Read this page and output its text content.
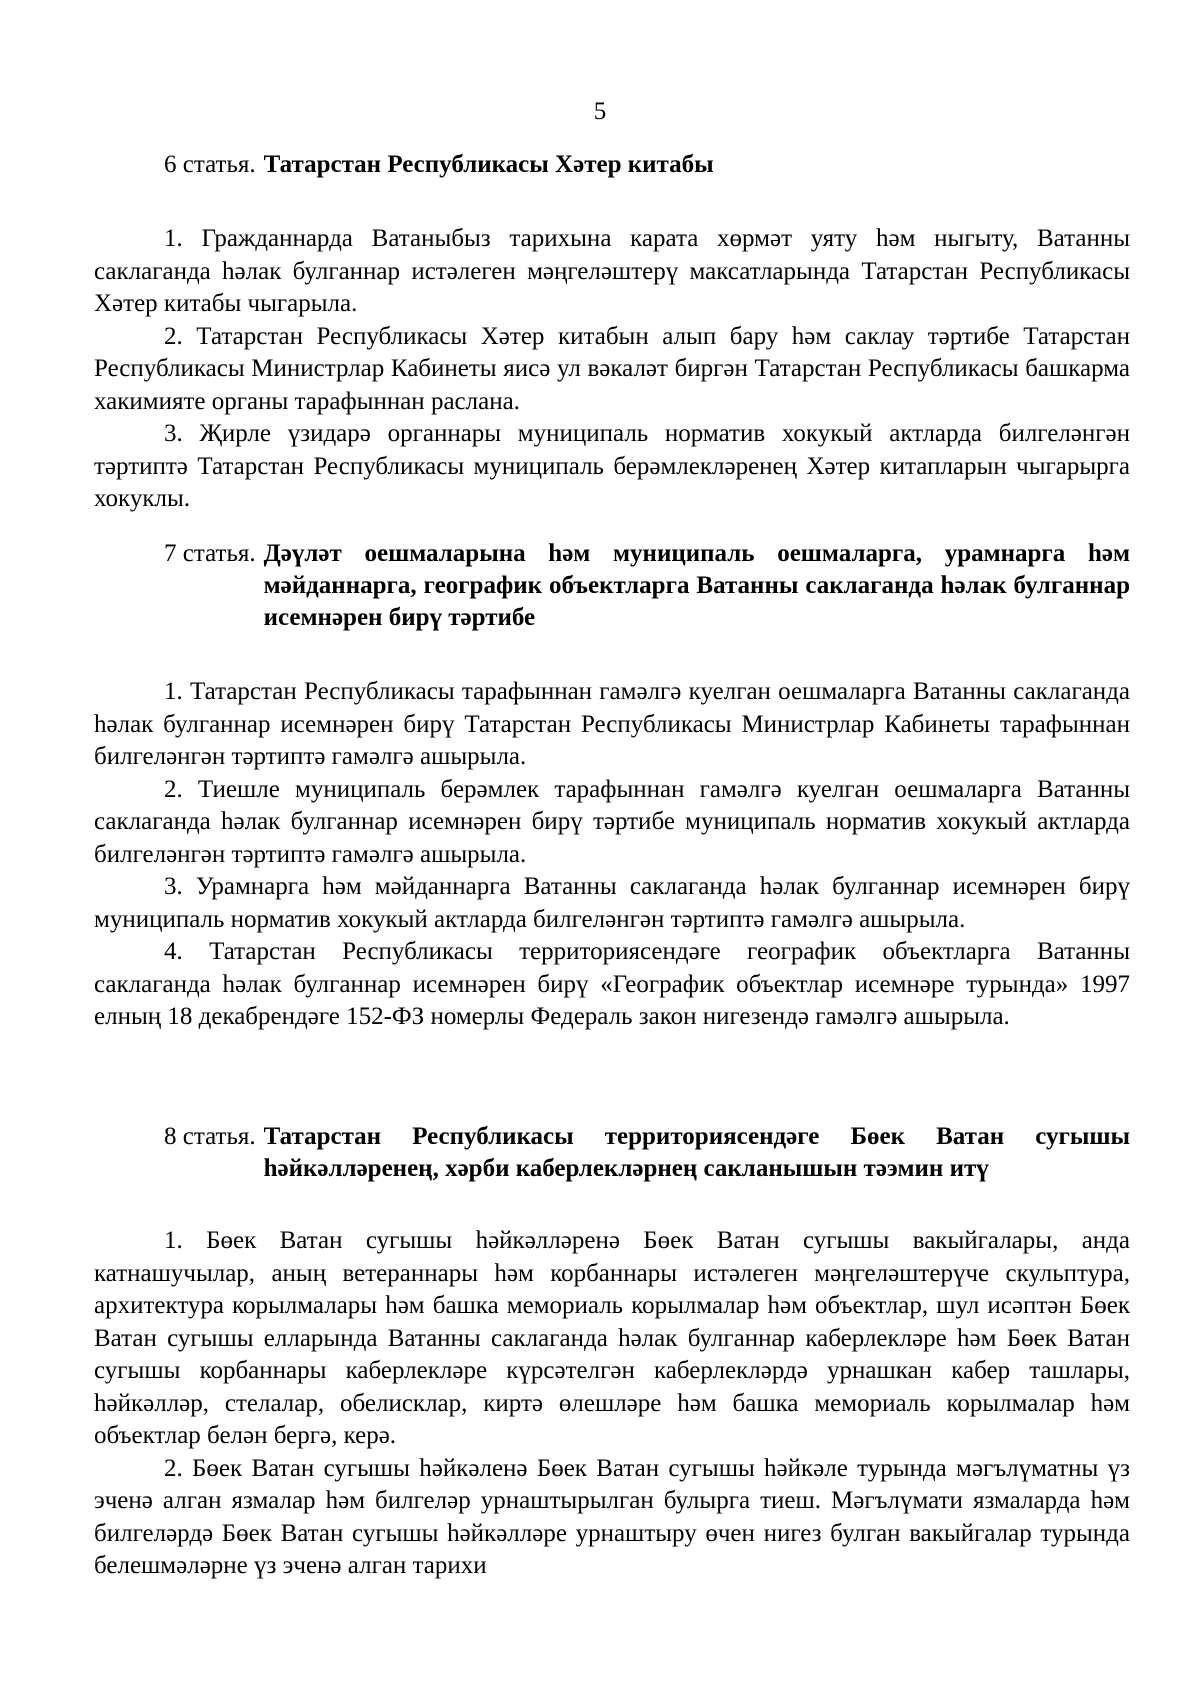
5
6 статья. Татарстан Республикасы Хәтер китабы

1. Гражданнарда Ватаныбыз тарихына карата хөрмәт уяту һәм ныгыту, Ватанны саклаганда һәлак булганнар истәлеген мәңгеләштерү максатларында Татарстан Республикасы Хәтер китабы чыгарыла.

2. Татарстан Республикасы Хәтер китабын алып бару һәм саклау тәртибе Татарстан Республикасы Министрлар Кабинеты яисә ул вәкаләт биргән Татарстан Республикасы башкарма хакимияте органы тарафыннан раслана.

3. Җирле үзидарә органнары муниципаль норматив хокукый актларда билгеләнгән тәртиптә Татарстан Республикасы муниципаль берәмлекләренең Хәтер китапларын чыгарырга хокуклы.

7 статья. Дәүләт оешмаларына һәм муниципаль оешмаларга, урамнарга һәм мәйданнарга, географик объектларга Ватанны саклаганда һәлак булганнар исемнәрен бирү тәртибе

1. Татарстан Республикасы тарафыннан гамәлгә куелган оешмаларга Ватанны саклаганда һәлак булганнар исемнәрен бирү Татарстан Республикасы Министрлар Кабинеты тарафыннан билгеләнгән тәртиптә гамәлгә ашырыла.

2. Тиешле муниципаль берәмлек тарафыннан гамәлгә куелган оешмаларга Ватанны саклаганда һәлак булганнар исемнәрен бирү тәртибе муниципаль норматив хокукый актларда билгеләнгән тәртиптә гамәлгә ашырыла.

3. Урамнарга һәм мәйданнарга Ватанны саклаганда һәлак булганнар исемнәрен бирү муниципаль норматив хокукый актларда билгеләнгән тәртиптә гамәлгә ашырыла.

4. Татарстан Республикасы территориясендәге географик объектларга Ватанны саклаганда һәлак булганнар исемнәрен бирү «Географик объектлар исемнәре турында» 1997 елның 18 декабрендәге 152-ФЗ номерлы Федераль закон нигезендә гамәлгә ашырыла.

8 статья. Татарстан Республикасы территориясендәге Бөек Ватан сугышы һәйкәлләренең, хәрби каберлекләрнең сакланышын тәэмин итү

1. Бөек Ватан сугышы һәйкәлләренә Бөек Ватан сугышы вакыйгалары, анда катнашучылар, аның ветераннары һәм корбаннары истәлеген мәңгеләштерүче скульптура, архитектура корылмалары һәм башка мемориаль корылмалар һәм объектлар, шул исәптән Бөек Ватан сугышы елларында Ватанны саклаганда һәлак булганнар каберлекләре һәм Бөек Ватан сугышы корбаннары каберлекләре күрсәтелгән каберлекләрдә урнашкан кабер ташлары, һәйкәлләр, стелалар, обелисклар, киртә өлешләре һәм башка мемориаль корылмалар һәм объектлар белән бергә, керә.

2. Бөек Ватан сугышы һәйкәленә Бөек Ватан сугышы һәйкәле турында мәгълүматны үз эченә алган язмалар һәм билгеләр урнаштырылган булырга тиеш. Мәгълүмати язмаларда һәм билгеләрдә Бөек Ватан сугышы һәйкәлләре урнаштыру өчен нигез булган вакыйгалар турында белешмәләрне үз эченә алган тарихи
